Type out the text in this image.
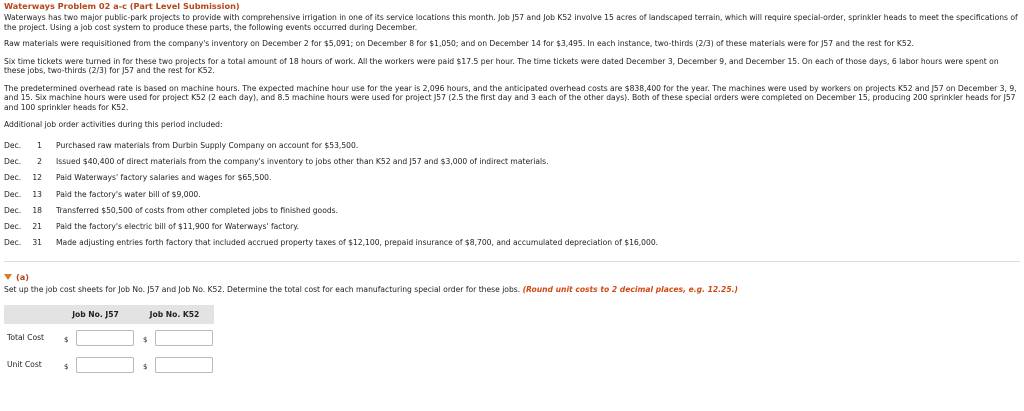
Waterways Problem 02 a-c (Part Level Submission)

Waterways has two major public-park projects to provide with comprehensive irrigation in one of its service locations this month. Job J57 and Job K52 involve 15 acres of landscaped terrain, which will require special-order, sprinkler heads to meet the specifications of the project. Using a job cost system to produce these parts, the following events occurred during December.

Raw materials were requisitioned from the company's inventory on December 2 for $5,091; on December 8 for $1,050; and on December 14 for $3,495. In each instance, two-thirds (2/3) of these materials were for J57 and the rest for K52.

Six time tickets were turned in for these two projects for a total amount of 18 hours of work. All the workers were paid $17.5 per hour. The time tickets were dated December 3, December 9, and December 15. On each of those days, 6 labor hours were spent on these jobs, two-thirds (2/3) for J57 and the rest for K52.

The predetermined overhead rate is based on machine hours. The expected machine hour use for the year is 2,096 hours, and the anticipated overhead costs are $838,400 for the year. The machines were used by workers on projects K52 and J57 on December 3, 9, and 15. Six machine hours were used for project K52 (2 each day), and 8.5 machine hours were used for project J57 (2.5 the first day and 3 each of the other days). Both of these special orders were completed on December 15, producing 200 sprinkler heads for J57 and 100 sprinkler heads for K52.

Additional job order activities during this period included:

Dec.	1	Purchased raw materials from Durbin Supply Company on account for $53,500.
Dec.	2	Issued $40,400 of direct materials from the company's inventory to jobs other than K52 and J57 and $3,000 of indirect materials.
Dec.	12	Paid Waterways' factory salaries and wages for $65,500.
Dec.	13	Paid the factory's water bill of $9,000.
Dec.	18	Transferred $50,500 of costs from other completed jobs to finished goods.
Dec.	21	Paid the factory's electric bill of $11,900 for Waterways' factory.
Dec.	31	Made adjusting entries forth factory that included accrued property taxes of $12,100, prepaid insurance of $8,700, and accumulated depreciation of $16,000.
(a)
Set up the job cost sheets for Job No. J57 and Job No. K52. Determine the total cost for each manufacturing special order for these jobs. (Round unit costs to 2 decimal places, e.g. 12.25.)
	Job No. J57	Job No. K52
Total Cost	$	$

Unit Cost	$	$
